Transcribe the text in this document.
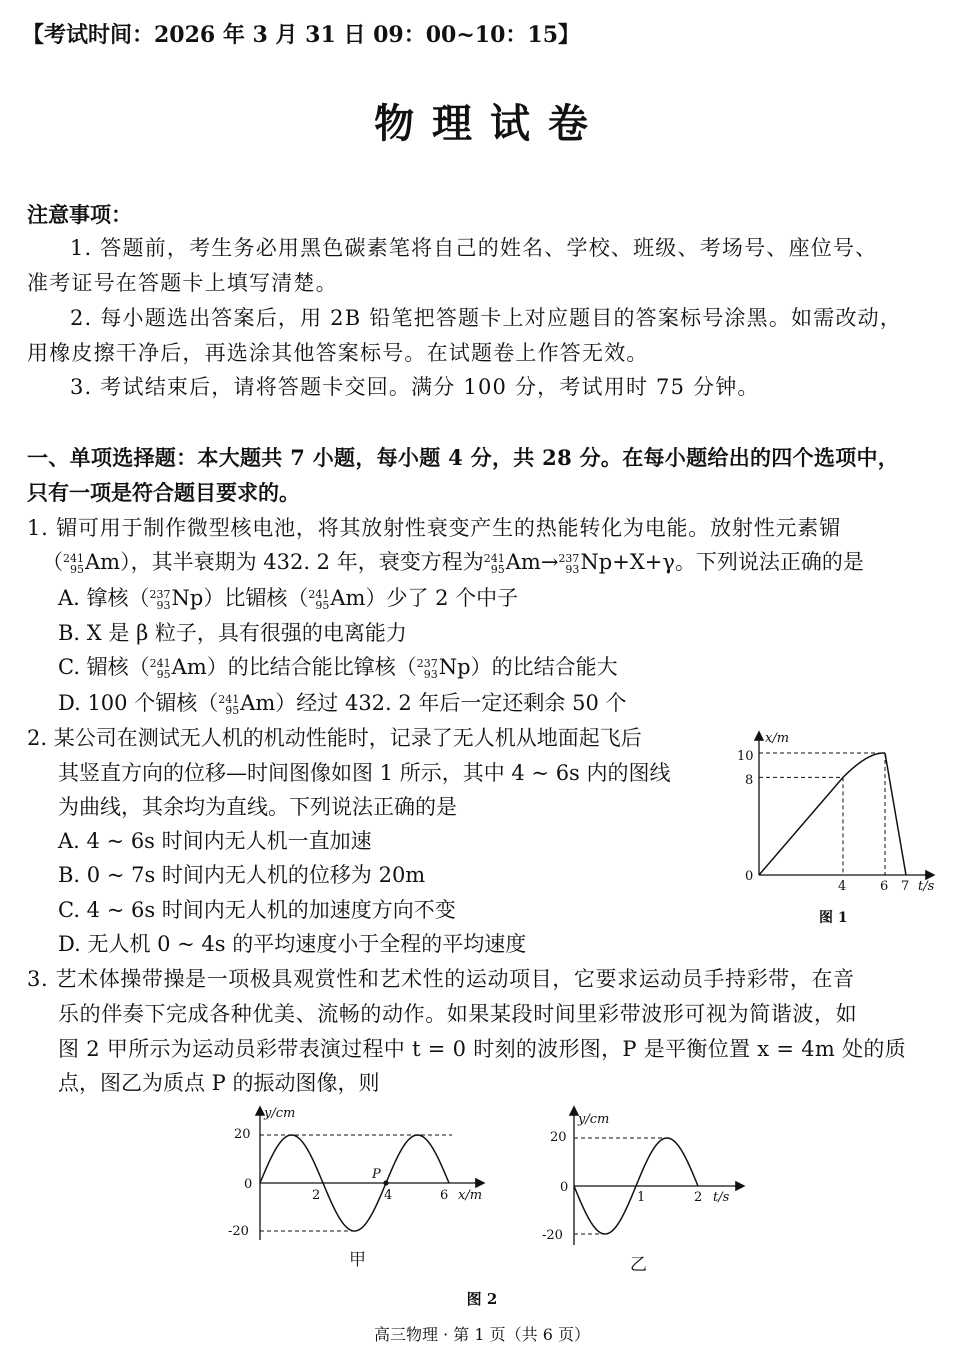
【考试时间：2026 年 3 月 31 日 09：00~10：15】
物 理 试 卷
注意事项：
1. 答题前，考生务必用黑色碳素笔将自己的姓名、学校、班级、考场号、座位号、
准考证号在答题卡上填写清楚。
2. 每小题选出答案后，用 2B 铅笔把答题卡上对应题目的答案标号涂黑。如需改动，
用橡皮擦干净后，再选涂其他答案标号。在试题卷上作答无效。
3. 考试结束后，请将答题卡交回。满分 100 分，考试用时 75 分钟。
一、单项选择题：本大题共 7 小题，每小题 4 分，共 28 分。在每小题给出的四个选项中，
只有一项是符合题目要求的。
1. 镅可用于制作微型核电池，将其放射性衰变产生的热能转化为电能。放射性元素镅
（ 241
95 Am），其半衰期为 432. 2 年，衰变方程为 241
95 Am→ 237
93 Np+X+γ。下列说法正确的是
A. 镎核（ 237
93 Np）比镅核（ 241
95 Am）少了 2 个中子
B. X 是 β 粒子，具有很强的电离能力
C. 镅核（ 241
95 Am）的比结合能比镎核（ 237
93 Np）的比结合能大
D. 100 个镅核（ 241
95 Am）经过 432. 2 年后一定还剩余 50 个
2. 某公司在测试无人机的机动性能时，记录了无人机从地面起飞后
其竖直方向的位移—时间图像如图 1 所示，其中 4 ~ 6s 内的图线
为曲线，其余均为直线。下列说法正确的是
A. 4 ~ 6s 时间内无人机一直加速
B. 0 ~ 7s 时间内无人机的位移为 20m
C. 4 ~ 6s 时间内无人机的加速度方向不变
D. 无人机 0 ~ 4s 的平均速度小于全程的平均速度
x/m
t/s
10
8
0
4	6 7
图 1
3. 艺术体操带操是一项极具观赏性和艺术性的运动项目，它要求运动员手持彩带，在音
乐的伴奏下完成各种优美、流畅的动作。如果某段时间里彩带波形可视为简谐波，如
图 2 甲所示为运动员彩带表演过程中 t = 0 时刻的波形图，P 是平衡位置 x = 4m 处的质
点，图乙为质点 P 的振动图像，则
y/cm
x/m
20
0
-20
2	4	6
P
甲
y/cm
t/s
20
0
-20
1	2
乙
图 2
高三物理 · 第 1 页（共 6 页）
